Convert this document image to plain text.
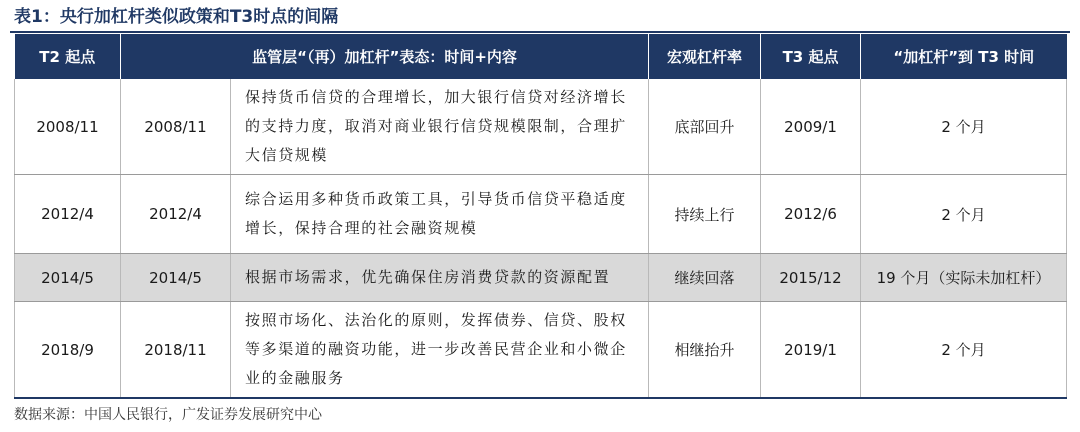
表1：央行加杠杆类似政策和T3时点的间隔
T2 起点	监管层“（再）加杠杆”表态：时间+内容		宏观杠杆率	T3 起点	“加杠杆”到 T3 时间
2008/11	2008/11	保持货币信贷的合理增长，加大银行信贷对经济增长的支持力度，取消对商业银行信贷规模限制，合理扩大信贷规模	底部回升	2009/1	2 个月
2012/4	2012/4	综合运用多种货币政策工具，引导货币信贷平稳适度增长，保持合理的社会融资规模	持续上行	2012/6	2 个月
2014/5	2014/5	根据市场需求，优先确保住房消费贷款的资源配置	继续回落	2015/12	19 个月（实际未加杠杆）
2018/9	2018/11	按照市场化、法治化的原则，发挥债券、信贷、股权等多渠道的融资功能，进一步改善民营企业和小微企业的金融服务	相继抬升	2019/1	2 个月
数据来源：中国人民银行，广发证券发展研究中心
